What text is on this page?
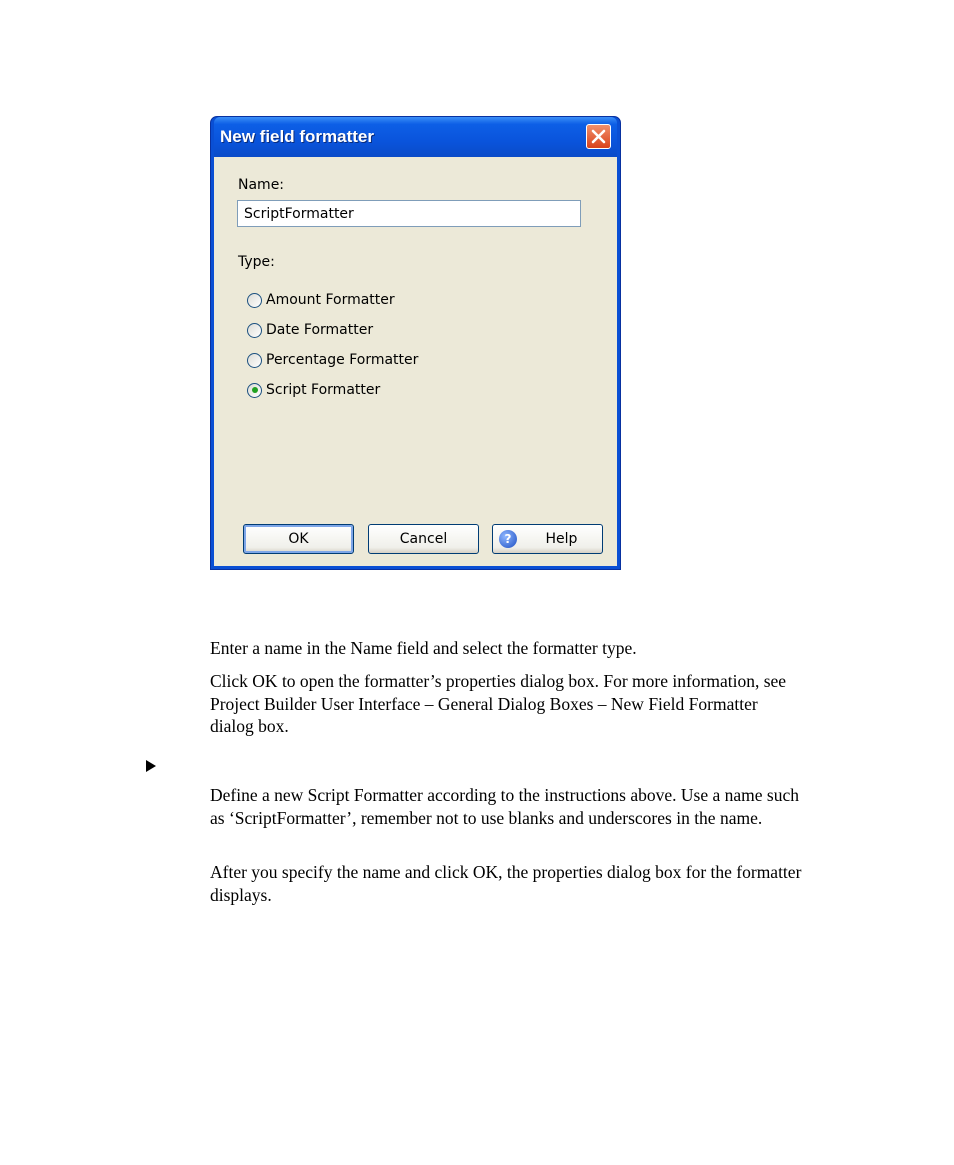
New field formatter
Name:
ScriptFormatter
Type:
Amount Formatter
Date Formatter
Percentage Formatter
Script Formatter
OK	Cancel	?	Help

Enter a name in the Name field and select the formatter type.

Click OK to open the formatter’s properties dialog box. For more information, see Project Builder User Interface – General Dialog Boxes – New Field Formatter dialog box.

Define a new Script Formatter according to the instructions above. Use a name such as ‘ScriptFormatter’, remember not to use blanks and underscores in the name.

After you specify the name and click OK, the properties dialog box for the formatter displays.
